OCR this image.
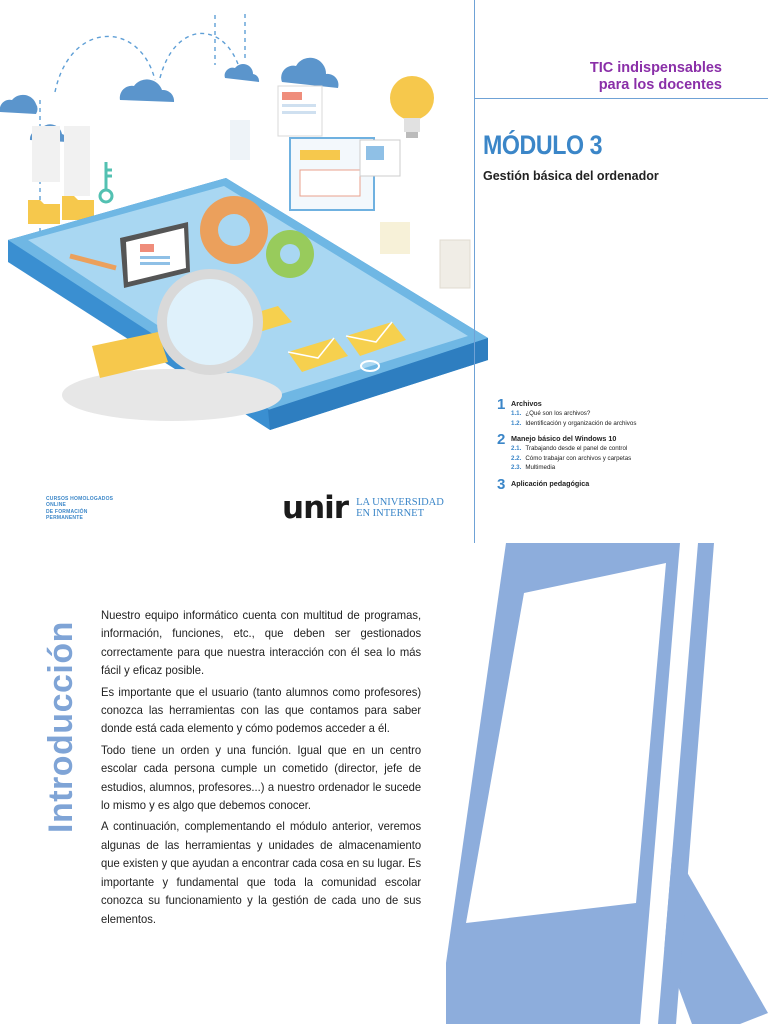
TIC indispensables
para los docentes
MÓDULO 3
Gestión básica del ordenador
1 Archivos
1.1. ¿Qué son los archivos?
1.2. Identificación y organización de archivos
2 Manejo básico del Windows 10
2.1. Trabajando desde el panel de control
2.2. Cómo trabajar con archivos y carpetas
2.3. Multimedia
3 Aplicación pedagógica
CURSOS HOMOLOGADOS
ONLINE
DE FORMACIÓN
PERMANENTE	unir LA UNIVERSIDAD
EN INTERNET
Introducción

Nuestro equipo informático cuenta con multitud de programas, información, funciones, etc., que deben ser gestionados correctamente para que nuestra interacción con él sea lo más fácil y eficaz posible.

Es importante que el usuario (tanto alumnos como profesores) conozca las herramientas con las que contamos para saber donde está cada elemento y cómo podemos acceder a él.

Todo tiene un orden y una función. Igual que en un centro escolar cada persona cumple un cometido (director, jefe de estudios, alumnos, profesores...) a nuestro ordenador le sucede lo mismo y es algo que debemos conocer.

A continuación, complementando el módulo anterior, veremos algunas de las herramientas y unidades de almacenamiento que existen y que ayudan a encontrar cada cosa en su lugar. Es importante y fundamental que toda la comunidad escolar conozca su funcionamiento y la gestión de cada uno de sus elementos.
